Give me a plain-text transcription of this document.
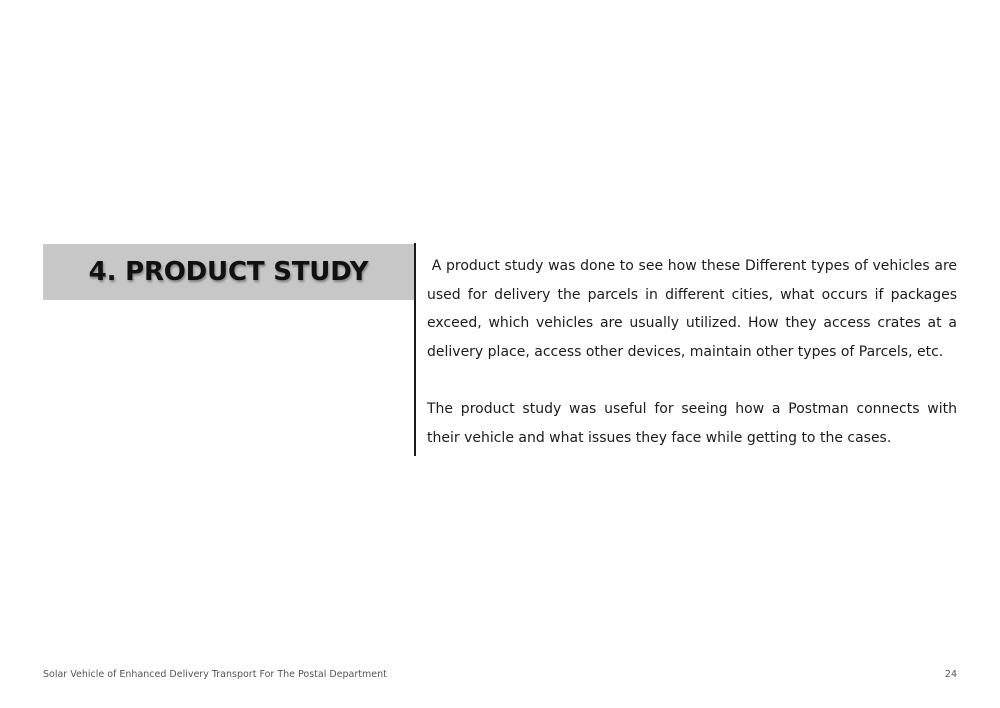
4. PRODUCT STUDY	A product study was done to see how these Different types of vehicles are used for delivery the parcels in different cities, what occurs if packages exceed, which vehicles are usually utilized. How they access crates at a delivery place, access other devices, maintain other types of Parcels, etc.

The product study was useful for seeing how a Postman connects with their vehicle and what issues they face while getting to the cases.

Solar Vehicle of Enhanced Delivery Transport For The Postal Department	24
